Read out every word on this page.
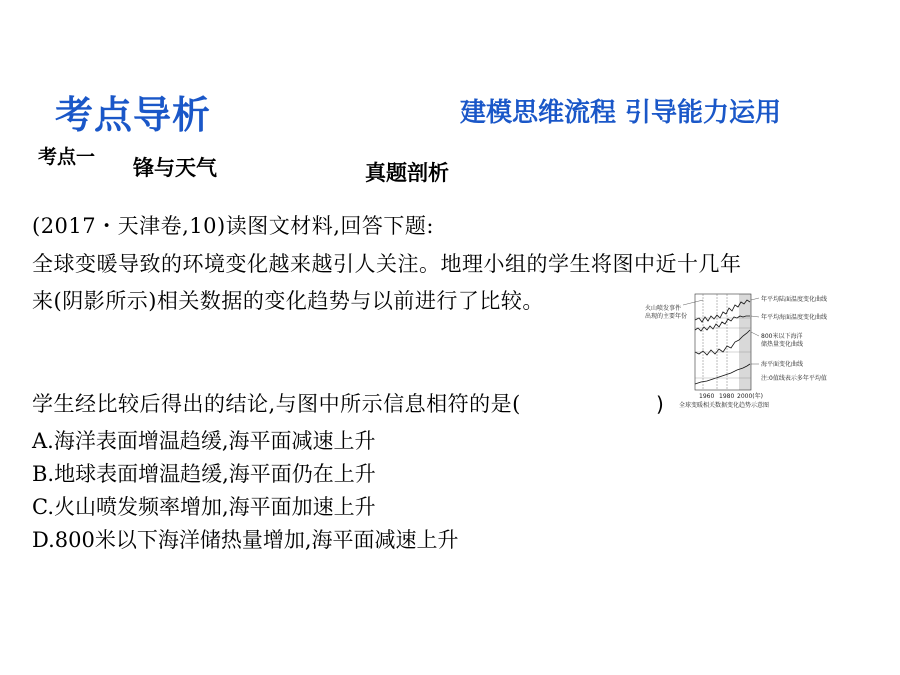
考点导析	建模思维流程 引导能力运用
考点一 锋与天气	真题剖析
(2017・天津卷,10)读图文材料,回答下题:
全球变暖导致的环境变化越来越引人关注。地理小组的学生将图中近十几年
来(阴影所示)相关数据的变化趋势与以前进行了比较。
学生经比较后得出的结论,与图中所示信息相符的是(	)
A.海洋表面增温趋缓,海平面减速上升
B.地球表面增温趋缓,海平面仍在上升
C.火山喷发频率增加,海平面加速上升
D.800米以下海洋储热量增加,海平面减速上升
火山喷发事件
出现的主要年份
年平均陆面温度变化曲线
年平均海面温度变化曲线
800米以下海洋
储热量变化曲线
海平面变化曲线
注:0值线表示多年平均值
1960 1980 2000(年)
全球变暖相关数据变化趋势示意图
